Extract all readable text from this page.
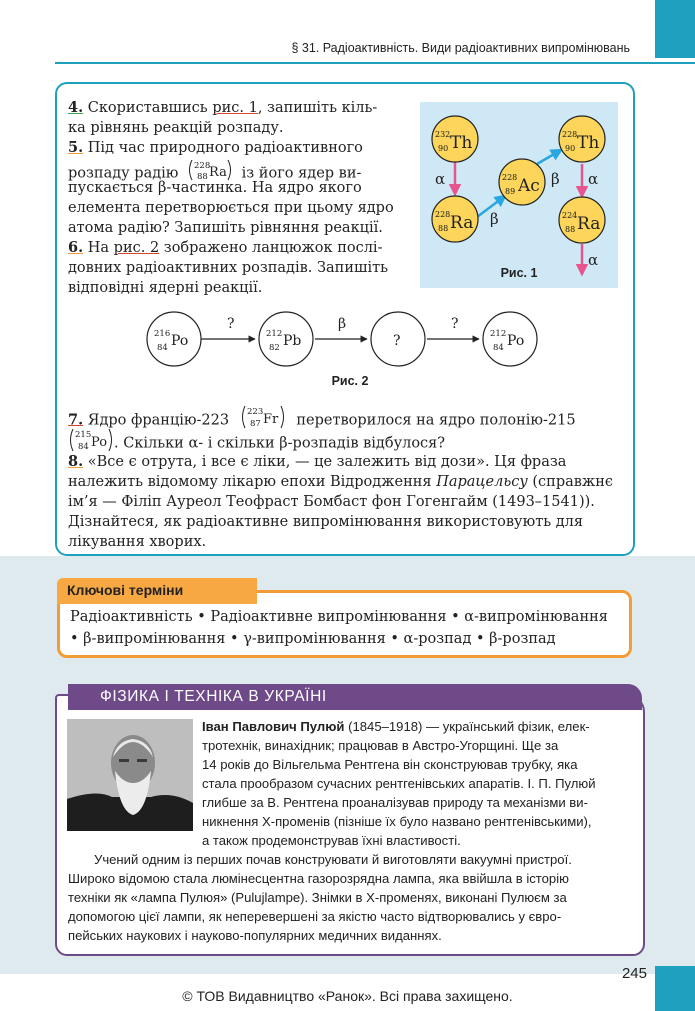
§ 31. Радіоактивність. Види радіоактивних випромінювань
4. Скориставшись рис. 1, запишіть кіль-
ка рівнянь реакцій розпаду.
5. Під час природного радіоактивного
розпаду радію 228
88 Ra із його ядер ви-
пускається β-частинка. На ядро якого
елемента перетворюється при цьому ядро
атома радію? Запишіть рівняння реакції.
6. На рис. 2 зображено ланцюжок послі-
довних радіоактивних розпадів. Запишіть
відповідні ядерні реакції.
α
β
β α
α
232
90 Th
228
88 Ra
228
89 Ac
228
90 Th
224
88 Ra
Рис. 1
?	β	?
216
84 Po	212
82 Pb	?	212
84 Po
Рис. 2
7. Ядро францію-223
223
87 Fr перетворилося на ядро полонію-215
215
84 Po . Скільки α- і скільки β-розпадів відбулося?
8. «Все є отрута, і все є ліки, — це залежить від дози». Ця фраза
належить відомому лікарю епохи Відродження Парацельсу (справжнє
ім’я — Філіп Ауреол Теофраст Бомбаст фон Гогенгайм (1493–1541)).
Дізнайтеся, як радіоактивне випромінювання використовують для
лікування хворих.
Ключові терміни
Радіоактивність • Радіоактивне випромінювання • α-випромінювання
• β-випромінювання • γ-випромінювання • α-розпад • β-розпад
ФІЗИКА І ТЕХНІКА В УКРАЇНІ
Іван Павлович Пулюй (1845–1918) — український фізик, елек-
тротехнік, винахідник; працював в Австро-Угорщині. Ще за
14 років до Вільгельма Рентгена він сконструював трубку, яка
стала прообразом сучасних рентгенівських апаратів. І. П. Пулюй
глибше за В. Рентгена проаналізував природу та механізми ви-
никнення Х-променів (пізніше їх було названо рентгенівськими),
а також продемонстрував їхні властивості.
Учений одним із перших почав конструювати й виготовляти вакуумні пристрої.
Широко відомою стала люмінесцентна газорозрядна лампа, яка ввійшла в історію
техніки як «лампа Пулюя» (Pulujlampe). Знімки в Х-променях, виконані Пулюєм за
допомогою цієї лампи, як неперевершені за якістю часто відтворювались у євро-
пейських наукових і науково-популярних медичних виданнях.
245
© ТОВ Видавництво «Ранок». Всі права захищено.
